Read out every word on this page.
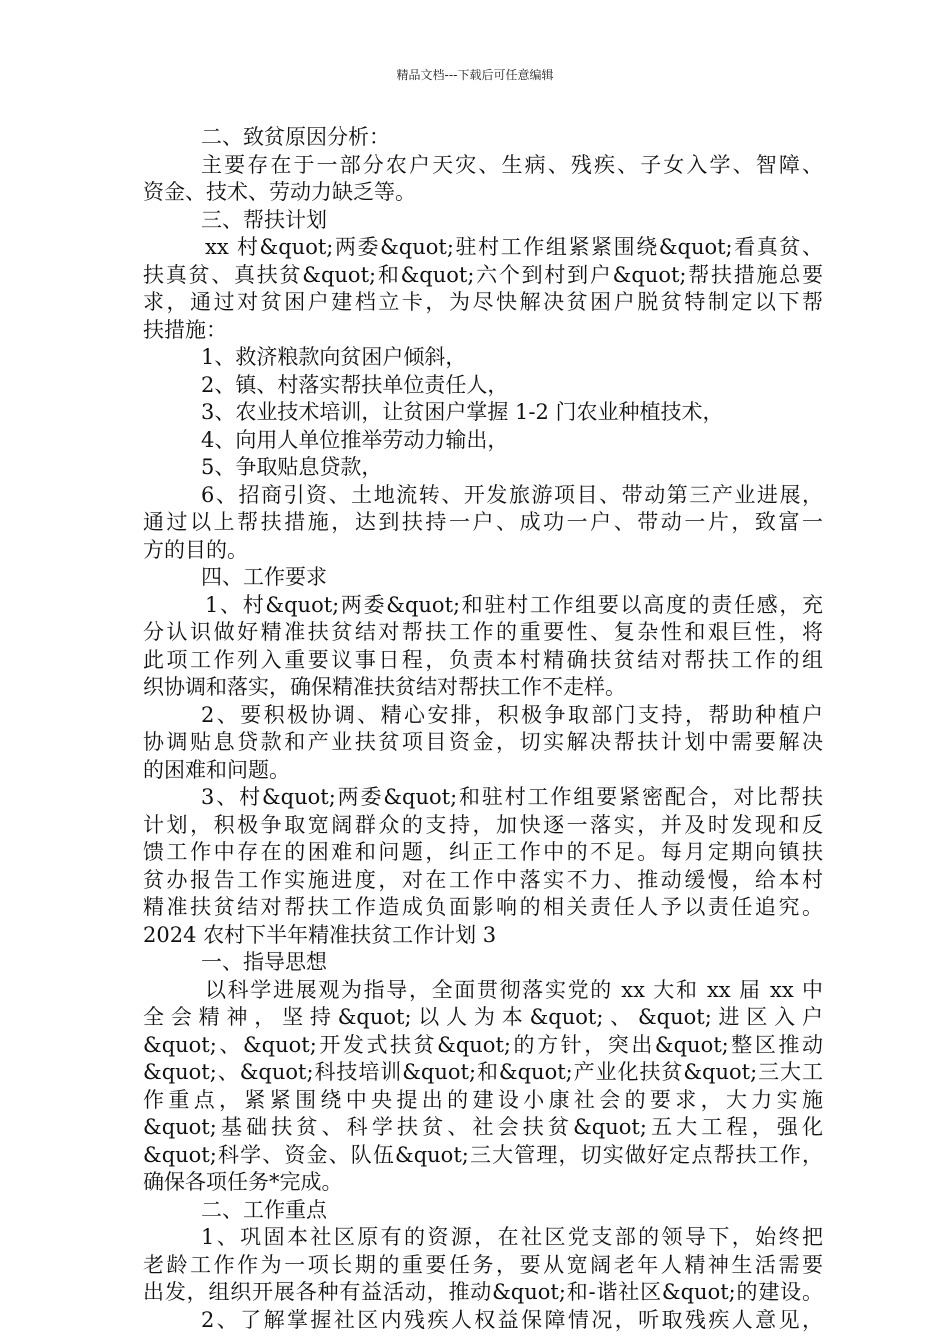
精品文档---下载后可任意编辑
二、致贫原因分析：
主要存在于一部分农户天灾、生病、残疾、子女入学、智障、
资金、技术、劳动力缺乏等。
三、帮扶计划
xx 村&quot;两委&quot;驻村工作组紧紧围绕&quot;看真贫、
扶真贫、真扶贫&quot;和&quot;六个到村到户&quot;帮扶措施总要
求，通过对贫困户建档立卡，为尽快解决贫困户脱贫特制定以下帮
扶措施：
1、救济粮款向贫困户倾斜，
2、镇、村落实帮扶单位责任人，
3、农业技术培训，让贫困户掌握 1-2 门农业种植技术，
4、向用人单位推举劳动力输出，
5、争取贴息贷款，
6、招商引资、土地流转、开发旅游项目、带动第三产业进展，
通过以上帮扶措施，达到扶持一户、成功一户、带动一片，致富一
方的目的。
四、工作要求
1、村&quot;两委&quot;和驻村工作组要以高度的责任感，充
分认识做好精准扶贫结对帮扶工作的重要性、复杂性和艰巨性，将
此项工作列入重要议事日程，负责本村精确扶贫结对帮扶工作的组
织协调和落实，确保精准扶贫结对帮扶工作不走样。
2、要积极协调、精心安排，积极争取部门支持，帮助种植户
协调贴息贷款和产业扶贫项目资金，切实解决帮扶计划中需要解决
的困难和问题。
3、村&quot;两委&quot;和驻村工作组要紧密配合，对比帮扶
计划，积极争取宽阔群众的支持，加快逐一落实，并及时发现和反
馈工作中存在的困难和问题，纠正工作中的不足。每月定期向镇扶
贫办报告工作实施进度，对在工作中落实不力、推动缓慢，给本村
精准扶贫结对帮扶工作造成负面影响的相关责任人予以责任追究。
2024 农村下半年精准扶贫工作计划 3
一、指导思想
以科学进展观为指导，全面贯彻落实党的 xx 大和 xx 届 xx 中
全 会 精 神 ， 坚 持 &quot; 以 人 为 本 &quot; 、 &quot; 进 区 入 户
&quot;、&quot;开发式扶贫&quot;的方针，突出&quot;整区推动
&quot;、&quot;科技培训&quot;和&quot;产业化扶贫&quot;三大工
作重点，紧紧围绕中央提出的建设小康社会的要求，大力实施
&quot;基础扶贫、科学扶贫、社会扶贫&quot;五大工程，强化
&quot;科学、资金、队伍&quot;三大管理，切实做好定点帮扶工作，
确保各项任务*完成。
二、工作重点
1、巩固本社区原有的资源，在社区党支部的领导下，始终把
老龄工作作为一项长期的重要任务，要从宽阔老年人精神生活需要
出发，组织开展各种有益活动，推动&quot;和-谐社区&quot;的建设。
2、了解掌握社区内残疾人权益保障情况，听取残疾人意见，
